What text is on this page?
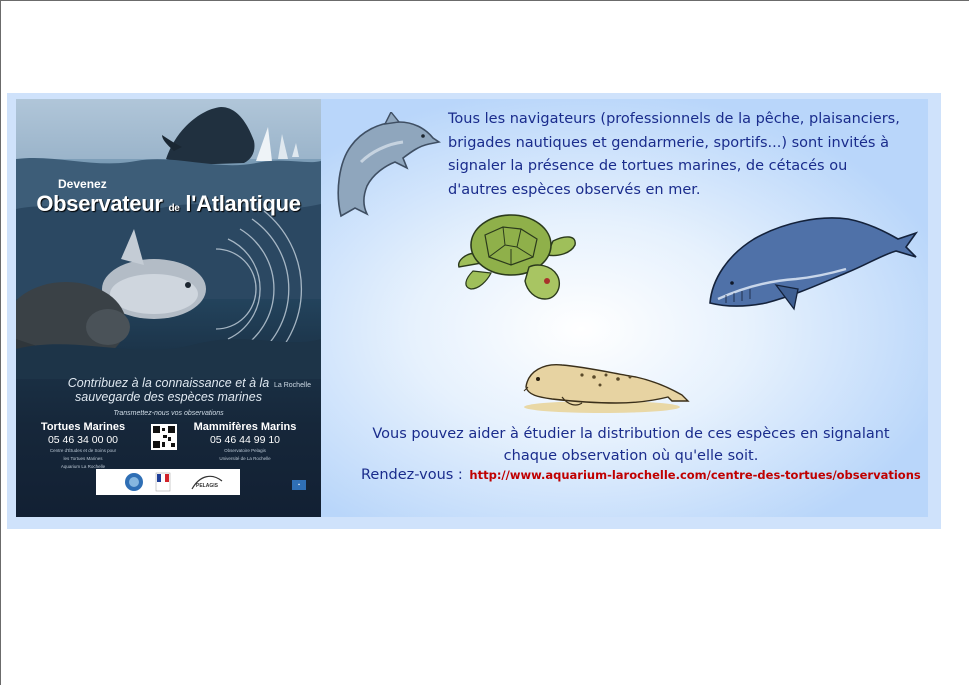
Devenez
Observateur de l'Atlantique
La Rochelle
Contribuez à la connaissance et à la
sauvegarde des espèces marines
Transmettez-nous vos observations
Tortues Marines
05 46 34 00 00
Centre d'Études et de Soins pour
les Tortues Marines
Aquarium La Rochelle
Mammifères Marins
05 46 44 99 10
Observatoire Pelagis
Université de La Rochelle
PELAGIS	▪

Tous les navigateurs (professionnels de la pêche, plaisanciers,
brigades nautiques et gendarmerie, sportifs...) sont invités à
signaler la présence de tortues marines, de cétacés ou
d'autres espèces observés en mer.

Vous pouvez aider à étudier la distribution de ces espèces en signalant
chaque observation où qu'elle soit.

Rendez-vous : http://www.aquarium-larochelle.com/centre-des-tortues/observations
